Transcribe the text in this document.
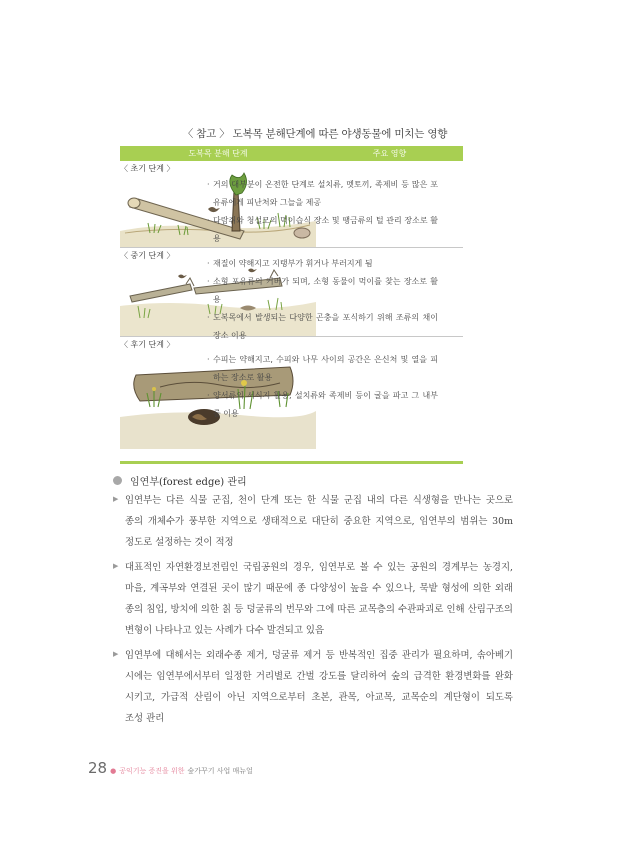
〈 참고 〉 도복목 분해단계에 따른 야생동물에 미치는 영향
도복목 분해 단계	주요 영향
〈 초기 단계 〉
〈 중기 단계 〉
〈 후기 단계 〉
· 거의 대부분이 온전한 단계로 설치류, 멧토끼, 족제비 등 많은 포유류에게 피난처와 그늘을 제공
· 다람쥐와 청설모의 먹이습식 장소 및 땡금류의 털 관리 장소로 활용
· 재질이 약해지고 지탱부가 휘거나 부러지게 됨
· 소형 포유류의 커버가 되며, 소형 동물이 먹이를 찾는 장소로 활용
· 도복목에서 발생되는 다양한 곤충을 포식하기 위해 조류의 채이장소 이용
· 수피는 약해지고, 수피와 나무 사이의 공간은 은신처 및 열을 피하는 장소로 활용
· 양서류의 서식지 활용, 설치류와 족제비 등이 굴을 파고 그 내부를 이용
임연부(forest edge) 관리
▶ 임연부는 다른 식물 군집, 천이 단계 또는 한 식물 군집 내의 다른 식생형을 만나는 곳으로
종의 개체수가 풍부한 지역으로 생태적으로 대단히 중요한 지역으로, 임연부의 범위는 30m
정도로 설정하는 것이 적정
▶ 대표적인 자연환경보전림인 국립공원의 경우, 임연부로 볼 수 있는 공원의 경계부는 농경지,
마을, 계곡부와 연결된 곳이 많기 때문에 종 다양성이 높을 수 있으나, 묵밭 형성에 의한 외래
종의 침입, 방치에 의한 칡 등 덩굴류의 번무와 그에 따른 교목층의 수관파괴로 인해 산림구조의
변형이 나타나고 있는 사례가 다수 발견되고 있음
▶ 임연부에 대해서는 외래수종 제거, 덩굴류 제거 등 반복적인 집중 관리가 필요하며, 솎아베기
시에는 임연부에서부터 일정한 거리별로 간벌 강도를 달리하여 숲의 급격한 환경변화를 완화
시키고, 가급적 산림이 아닌 지역으로부터 초본, 관목, 아교목, 교목순의 계단형이 되도록
조성 관리
28 ● 공익기능 증진을 위한 숲가꾸기 사업 매뉴얼
